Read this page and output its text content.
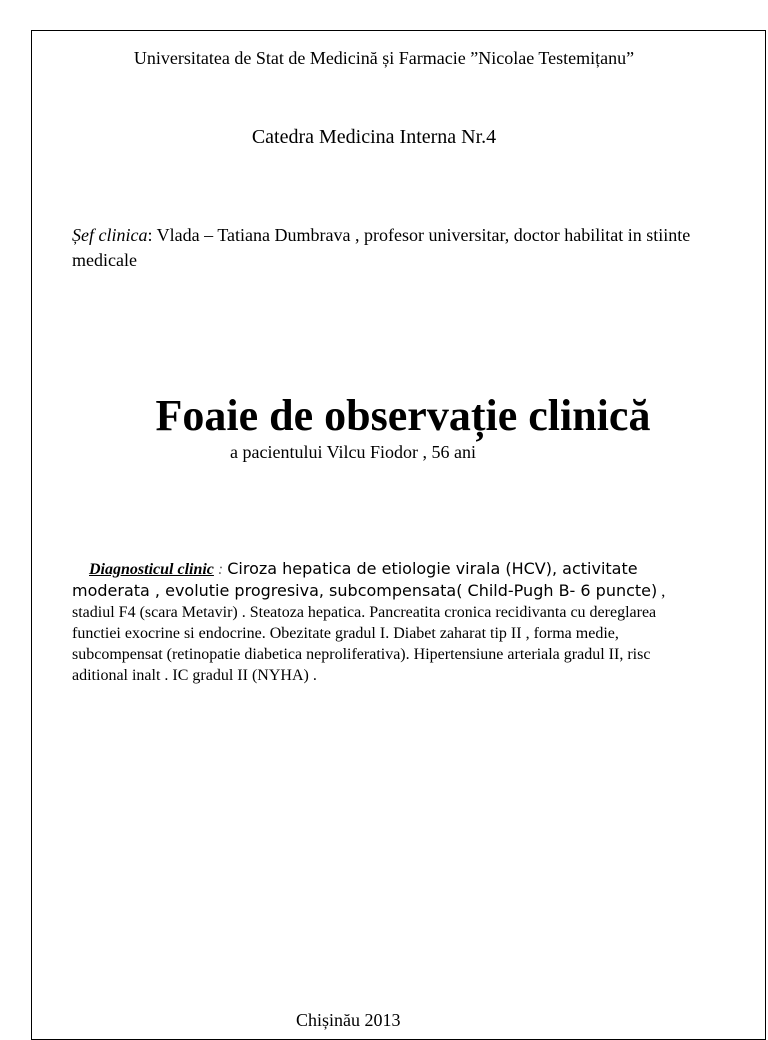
Universitatea de Stat de Medicină și Farmacie ”Nicolae Testemițanu”
Catedra Medicina Interna Nr.4
Șef clinica: Vlada – Tatiana Dumbrava , profesor universitar, doctor habilitat in stiinte medicale
Foaie de observație clinică
a pacientului Vilcu Fiodor , 56 ani
Diagnosticul clinic : Ciroza hepatica de etiologie virala (HCV), activitate moderata , evolutie progresiva, subcompensata( Child-Pugh B- 6 puncte) , stadiul F4 (scara Metavir) . Steatoza hepatica. Pancreatita cronica recidivanta cu dereglarea functiei exocrine si endocrine. Obezitate gradul I. Diabet zaharat tip II , forma medie, subcompensat (retinopatie diabetica neproliferativa). Hipertensiune arteriala gradul II, risc aditional inalt . IC gradul II (NYHA) .
Chișinău 2013
